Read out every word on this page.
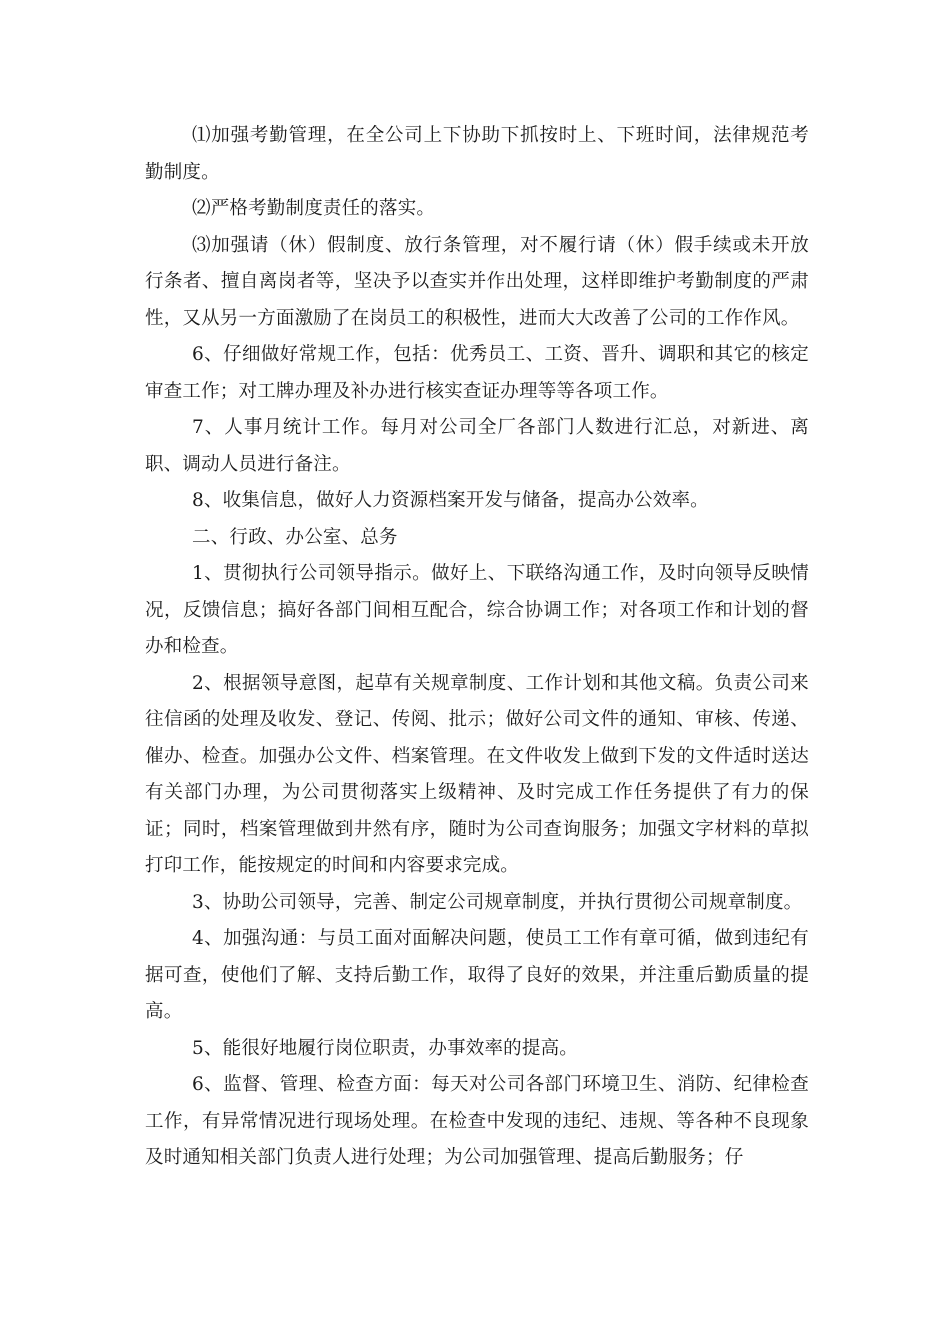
⑴加强考勤管理，在全公司上下协助下抓按时上、下班时间，法律规范考勤制度。

⑵严格考勤制度责任的落实。

⑶加强请（休）假制度、放行条管理，对不履行请（休）假手续或未开放行条者、擅自离岗者等，坚决予以查实并作出处理，这样即维护考勤制度的严肃性，又从另一方面激励了在岗员工的积极性，进而大大改善了公司的工作作风。

6、仔细做好常规工作，包括：优秀员工、工资、晋升、调职和其它的核定审查工作；对工牌办理及补办进行核实查证办理等等各项工作。

7、人事月统计工作。每月对公司全厂各部门人数进行汇总，对新进、离职、调动人员进行备注。

8、收集信息，做好人力资源档案开发与储备，提高办公效率。

二、行政、办公室、总务

1、贯彻执行公司领导指示。做好上、下联络沟通工作，及时向领导反映情况，反馈信息；搞好各部门间相互配合，综合协调工作；对各项工作和计划的督办和检查。

2、根据领导意图，起草有关规章制度、工作计划和其他文稿。负责公司来往信函的处理及收发、登记、传阅、批示；做好公司文件的通知、审核、传递、催办、检查。加强办公文件、档案管理。在文件收发上做到下发的文件适时送达有关部门办理，为公司贯彻落实上级精神、及时完成工作任务提供了有力的保证；同时，档案管理做到井然有序，随时为公司查询服务；加强文字材料的草拟打印工作，能按规定的时间和内容要求完成。

3、协助公司领导，完善、制定公司规章制度，并执行贯彻公司规章制度。

4、加强沟通：与员工面对面解决问题，使员工工作有章可循，做到违纪有据可查，使他们了解、支持后勤工作，取得了良好的效果，并注重后勤质量的提高。

5、能很好地履行岗位职责，办事效率的提高。

6、监督、管理、检查方面：每天对公司各部门环境卫生、消防、纪律检查工作，有异常情况进行现场处理。在检查中发现的违纪、违规、等各种不良现象及时通知相关部门负责人进行处理；为公司加强管理、提高后勤服务；仔
